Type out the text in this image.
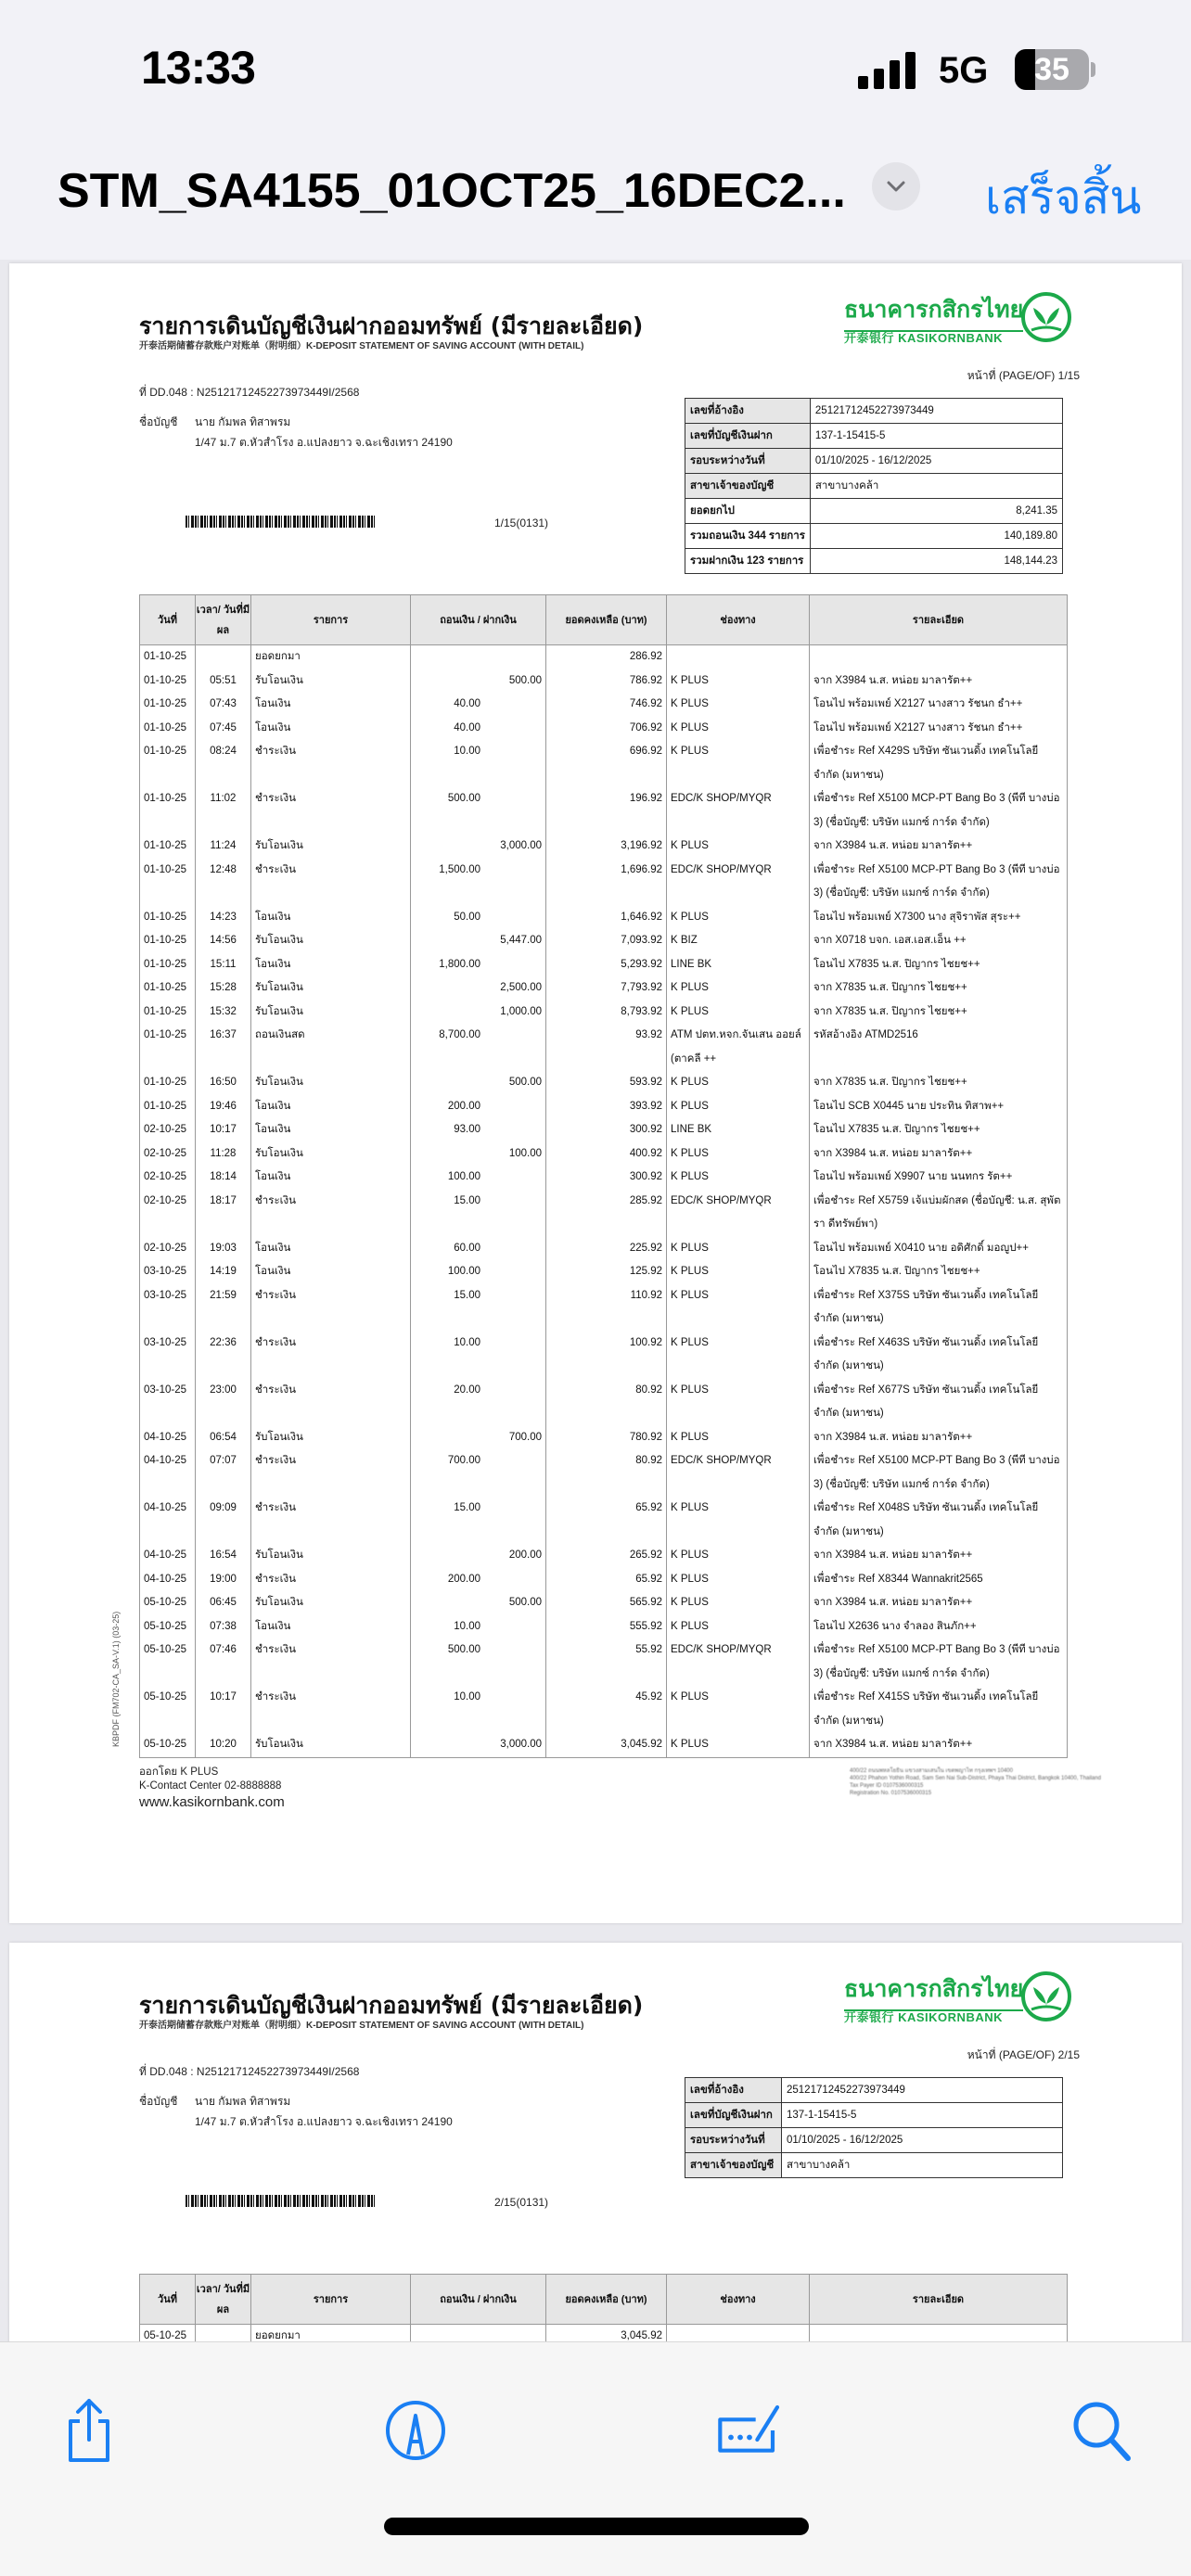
13:33	5G	35
STM_SA4155_01OCT25_16DEC2...	เสร็จสิ้น
รายการเดินบัญชีเงินฝากออมทรัพย์ (มีรายละเอียด)
开泰活期储蓄存款账户对账单（附明细）K-DEPOSIT STATEMENT OF SAVING ACCOUNT (WITH DETAIL)
ธนาคารกสิกรไทย
开泰银行 KASIKORNBANK
หน้าที่ (PAGE/OF) 1/15
ที่ DD.048 : N25121712452273973449I/2568
ชื่อบัญชี นาย กัมพล ทิสาพรม
1/47 ม.7 ต.หัวสำโรง อ.แปลงยาว จ.ฉะเชิงเทรา 24190
1/15(0131)
เลขที่อ้างอิง	25121712452273973449
เลขที่บัญชีเงินฝาก	137-1-15415-5
รอบระหว่างวันที่	01/10/2025 - 16/12/2025
สาขาเจ้าของบัญชี	สาขาบางคล้า
ยอดยกไป	8,241.35
รวมถอนเงิน 344 รายการ	140,189.80
รวมฝากเงิน 123 รายการ	148,144.23
วันที่	เวลา/ วันที่มีผล	รายการ	ถอนเงิน / ฝากเงิน	ยอดคงเหลือ (บาท)	ช่องทาง	รายละเอียด
01-10-25		ยอดยกมา		286.92		
01-10-25	05:51	รับโอนเงิน	500.00	786.92	K PLUS	จาก X3984 น.ส. หน่อย มาลารัต++
01-10-25	07:43	โอนเงิน	40.00	746.92	K PLUS	โอนไป พร้อมเพย์ X2127 นางสาว รัชนก ธำ++
01-10-25	07:45	โอนเงิน	40.00	706.92	K PLUS	โอนไป พร้อมเพย์ X2127 นางสาว รัชนก ธำ++
01-10-25	08:24	ชำระเงิน	10.00	696.92	K PLUS	เพื่อชำระ Ref X429S บริษัท ซันเวนดิ้ง เทคโนโลยี จำกัด (มหาชน)
01-10-25	11:02	ชำระเงิน	500.00	196.92	EDC/K SHOP/MYQR	เพื่อชำระ Ref X5100 MCP-PT Bang Bo 3 (พีที บางบ่อ 3) (ชื่อบัญชี: บริษัท แมกซ์ การ์ด จำกัด)
01-10-25	11:24	รับโอนเงิน	3,000.00	3,196.92	K PLUS	จาก X3984 น.ส. หน่อย มาลารัต++
01-10-25	12:48	ชำระเงิน	1,500.00	1,696.92	EDC/K SHOP/MYQR	เพื่อชำระ Ref X5100 MCP-PT Bang Bo 3 (พีที บางบ่อ 3) (ชื่อบัญชี: บริษัท แมกซ์ การ์ด จำกัด)
01-10-25	14:23	โอนเงิน	50.00	1,646.92	K PLUS	โอนไป พร้อมเพย์ X7300 นาง สุจิราพัส สุระ++
01-10-25	14:56	รับโอนเงิน	5,447.00	7,093.92	K BIZ	จาก X0718 บจก. เอส.เอส.เอ็น ++
01-10-25	15:11	โอนเงิน	1,800.00	5,293.92	LINE BK	โอนไป X7835 น.ส. ปิญากร ไชยช++
01-10-25	15:28	รับโอนเงิน	2,500.00	7,793.92	K PLUS	จาก X7835 น.ส. ปิญากร ไชยช++
01-10-25	15:32	รับโอนเงิน	1,000.00	8,793.92	K PLUS	จาก X7835 น.ส. ปิญากร ไชยช++
01-10-25	16:37	ถอนเงินสด	8,700.00	93.92	ATM ปตท.หจก.จันเสน ออยล์ (ตาคลี ++	รหัสอ้างอิง ATMD2516
01-10-25	16:50	รับโอนเงิน	500.00	593.92	K PLUS	จาก X7835 น.ส. ปิญากร ไชยช++
01-10-25	19:46	โอนเงิน	200.00	393.92	K PLUS	โอนไป SCB X0445 นาย ประทิน ทิสาพ++
02-10-25	10:17	โอนเงิน	93.00	300.92	LINE BK	โอนไป X7835 น.ส. ปิญากร ไชยช++
02-10-25	11:28	รับโอนเงิน	100.00	400.92	K PLUS	จาก X3984 น.ส. หน่อย มาลารัต++
02-10-25	18:14	โอนเงิน	100.00	300.92	K PLUS	โอนไป พร้อมเพย์ X9907 นาย นนทกร รัต++
02-10-25	18:17	ชำระเงิน	15.00	285.92	EDC/K SHOP/MYQR	เพื่อชำระ Ref X5759 เจ้แบ่มผักสด (ชื่อบัญชี: น.ส. สุพัตรา ดีทรัพย์พา)
02-10-25	19:03	โอนเงิน	60.00	225.92	K PLUS	โอนไป พร้อมเพย์ X0410 นาย อดิศักดิ์ มอญูป++
03-10-25	14:19	โอนเงิน	100.00	125.92	K PLUS	โอนไป X7835 น.ส. ปิญากร ไชยช++
03-10-25	21:59	ชำระเงิน	15.00	110.92	K PLUS	เพื่อชำระ Ref X375S บริษัท ซันเวนดิ้ง เทคโนโลยี จำกัด (มหาชน)
03-10-25	22:36	ชำระเงิน	10.00	100.92	K PLUS	เพื่อชำระ Ref X463S บริษัท ซันเวนดิ้ง เทคโนโลยี จำกัด (มหาชน)
03-10-25	23:00	ชำระเงิน	20.00	80.92	K PLUS	เพื่อชำระ Ref X677S บริษัท ซันเวนดิ้ง เทคโนโลยี จำกัด (มหาชน)
04-10-25	06:54	รับโอนเงิน	700.00	780.92	K PLUS	จาก X3984 น.ส. หน่อย มาลารัต++
04-10-25	07:07	ชำระเงิน	700.00	80.92	EDC/K SHOP/MYQR	เพื่อชำระ Ref X5100 MCP-PT Bang Bo 3 (พีที บางบ่อ 3) (ชื่อบัญชี: บริษัท แมกซ์ การ์ด จำกัด)
04-10-25	09:09	ชำระเงิน	15.00	65.92	K PLUS	เพื่อชำระ Ref X048S บริษัท ซันเวนดิ้ง เทคโนโลยี จำกัด (มหาชน)
04-10-25	16:54	รับโอนเงิน	200.00	265.92	K PLUS	จาก X3984 น.ส. หน่อย มาลารัต++
04-10-25	19:00	ชำระเงิน	200.00	65.92	K PLUS	เพื่อชำระ Ref X8344 Wannakrit2565
05-10-25	06:45	รับโอนเงิน	500.00	565.92	K PLUS	จาก X3984 น.ส. หน่อย มาลารัต++
05-10-25	07:38	โอนเงิน	10.00	555.92	K PLUS	โอนไป X2636 นาง จำลอง สินภัก++
05-10-25	07:46	ชำระเงิน	500.00	55.92	EDC/K SHOP/MYQR	เพื่อชำระ Ref X5100 MCP-PT Bang Bo 3 (พีที บางบ่อ 3) (ชื่อบัญชี: บริษัท แมกซ์ การ์ด จำกัด)
05-10-25	10:17	ชำระเงิน	10.00	45.92	K PLUS	เพื่อชำระ Ref X415S บริษัท ซันเวนดิ้ง เทคโนโลยี จำกัด (มหาชน)
05-10-25	10:20	รับโอนเงิน	3,000.00	3,045.92	K PLUS	จาก X3984 น.ส. หน่อย มาลารัต++
KBPDF (FM702-CA_SA-V.1) (03-25)
ออกโดย K PLUS
K-Contact Center 02-8888888
www.kasikornbank.com
400/22 ถนนพหลโยธิน แขวงสามเสนใน เขตพญาไท กรุงเทพฯ 10400
400/22 Phahon Yothin Road, Sam Sen Nai Sub-District, Phaya Thai District, Bangkok 10400, Thailand
Tax Payer ID 0107536000315
Registration No. 0107536000315
รายการเดินบัญชีเงินฝากออมทรัพย์ (มีรายละเอียด)
开泰活期储蓄存款账户对账单（附明细）K-DEPOSIT STATEMENT OF SAVING ACCOUNT (WITH DETAIL)
ธนาคารกสิกรไทย
开泰银行 KASIKORNBANK
หน้าที่ (PAGE/OF) 2/15
ที่ DD.048 : N25121712452273973449I/2568
ชื่อบัญชี นาย กัมพล ทิสาพรม
1/47 ม.7 ต.หัวสำโรง อ.แปลงยาว จ.ฉะเชิงเทรา 24190
2/15(0131)
เลขที่อ้างอิง	25121712452273973449
เลขที่บัญชีเงินฝาก	137-1-15415-5
รอบระหว่างวันที่	01/10/2025 - 16/12/2025
สาขาเจ้าของบัญชี	สาขาบางคล้า
วันที่	เวลา/ วันที่มีผล	รายการ	ถอนเงิน / ฝากเงิน	ยอดคงเหลือ (บาท)	ช่องทาง	รายละเอียด
05-10-25		ยอดยกมา		3,045.92		
